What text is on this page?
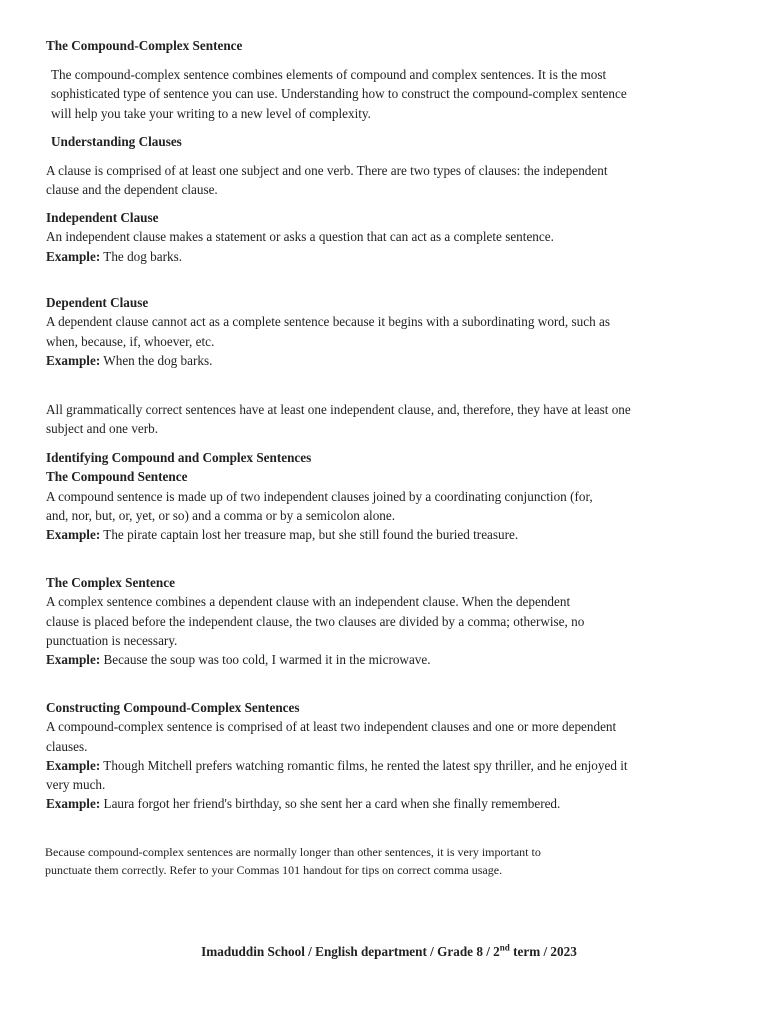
The Compound-Complex Sentence

The compound-complex sentence combines elements of compound and complex sentences. It is the most

sophisticated type of sentence you can use. Understanding how to construct the compound-complex sentence

will help you take your writing to a new level of complexity.

Understanding Clauses

A clause is comprised of at least one subject and one verb. There are two types of clauses: the independent

clause and the dependent clause.

Independent Clause

An independent clause makes a statement or asks a question that can act as a complete sentence.

Example: The dog barks.

Dependent Clause

A dependent clause cannot act as a complete sentence because it begins with a subordinating word, such as

when, because, if, whoever, etc.

Example: When the dog barks.

All grammatically correct sentences have at least one independent clause, and, therefore, they have at least one

subject and one verb.

Identifying Compound and Complex Sentences

The Compound Sentence

A compound sentence is made up of two independent clauses joined by a coordinating conjunction (for,

and, nor, but, or, yet, or so) and a comma or by a semicolon alone.

Example: The pirate captain lost her treasure map, but she still found the buried treasure.

The Complex Sentence

A complex sentence combines a dependent clause with an independent clause. When the dependent

clause is placed before the independent clause, the two clauses are divided by a comma; otherwise, no

punctuation is necessary.

Example: Because the soup was too cold, I warmed it in the microwave.

Constructing Compound-Complex Sentences

A compound-complex sentence is comprised of at least two independent clauses and one or more dependent

clauses.

Example: Though Mitchell prefers watching romantic films, he rented the latest spy thriller, and he enjoyed it

very much.

Example: Laura forgot her friend's birthday, so she sent her a card when she finally remembered.

Because compound-complex sentences are normally longer than other sentences, it is very important to

punctuate them correctly. Refer to your Commas 101 handout for tips on correct comma usage.

Imaduddin School / English department / Grade 8 / 2nd term / 2023
